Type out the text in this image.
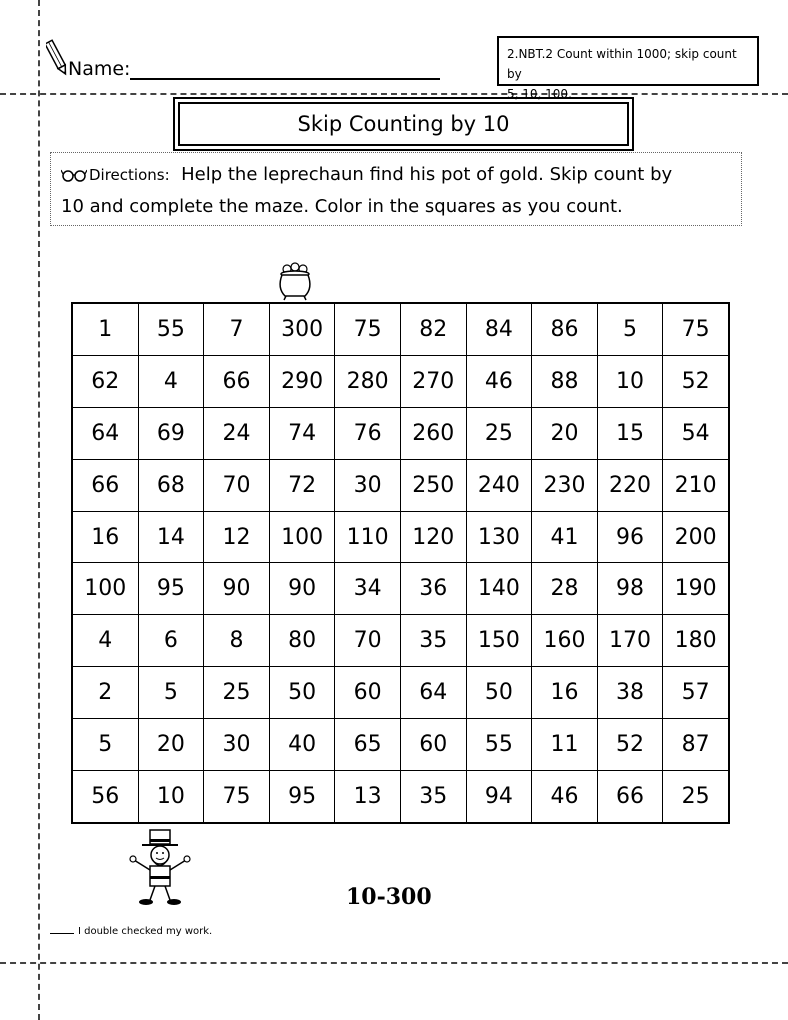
Name:
2.NBT.2 Count within 1000; skip count by
5, 10, 100.
Skip Counting by 10
Directions: Help the leprechaun find his pot of gold. Skip count by
10 and complete the maze. Color in the squares as you count.
1	55	7	300	75	82	84	86	5	75
62	4	66	290	280	270	46	88	10	52
64	69	24	74	76	260	25	20	15	54
66	68	70	72	30	250	240	230	220	210
16	14	12	100	110	120	130	41	96	200
100	95	90	90	34	36	140	28	98	190
4	6	8	80	70	35	150	160	170	180
2	5	25	50	60	64	50	16	38	57
5	20	30	40	65	60	55	11	52	87
56	10	75	95	13	35	94	46	66	25
10-300
I double checked my work.
